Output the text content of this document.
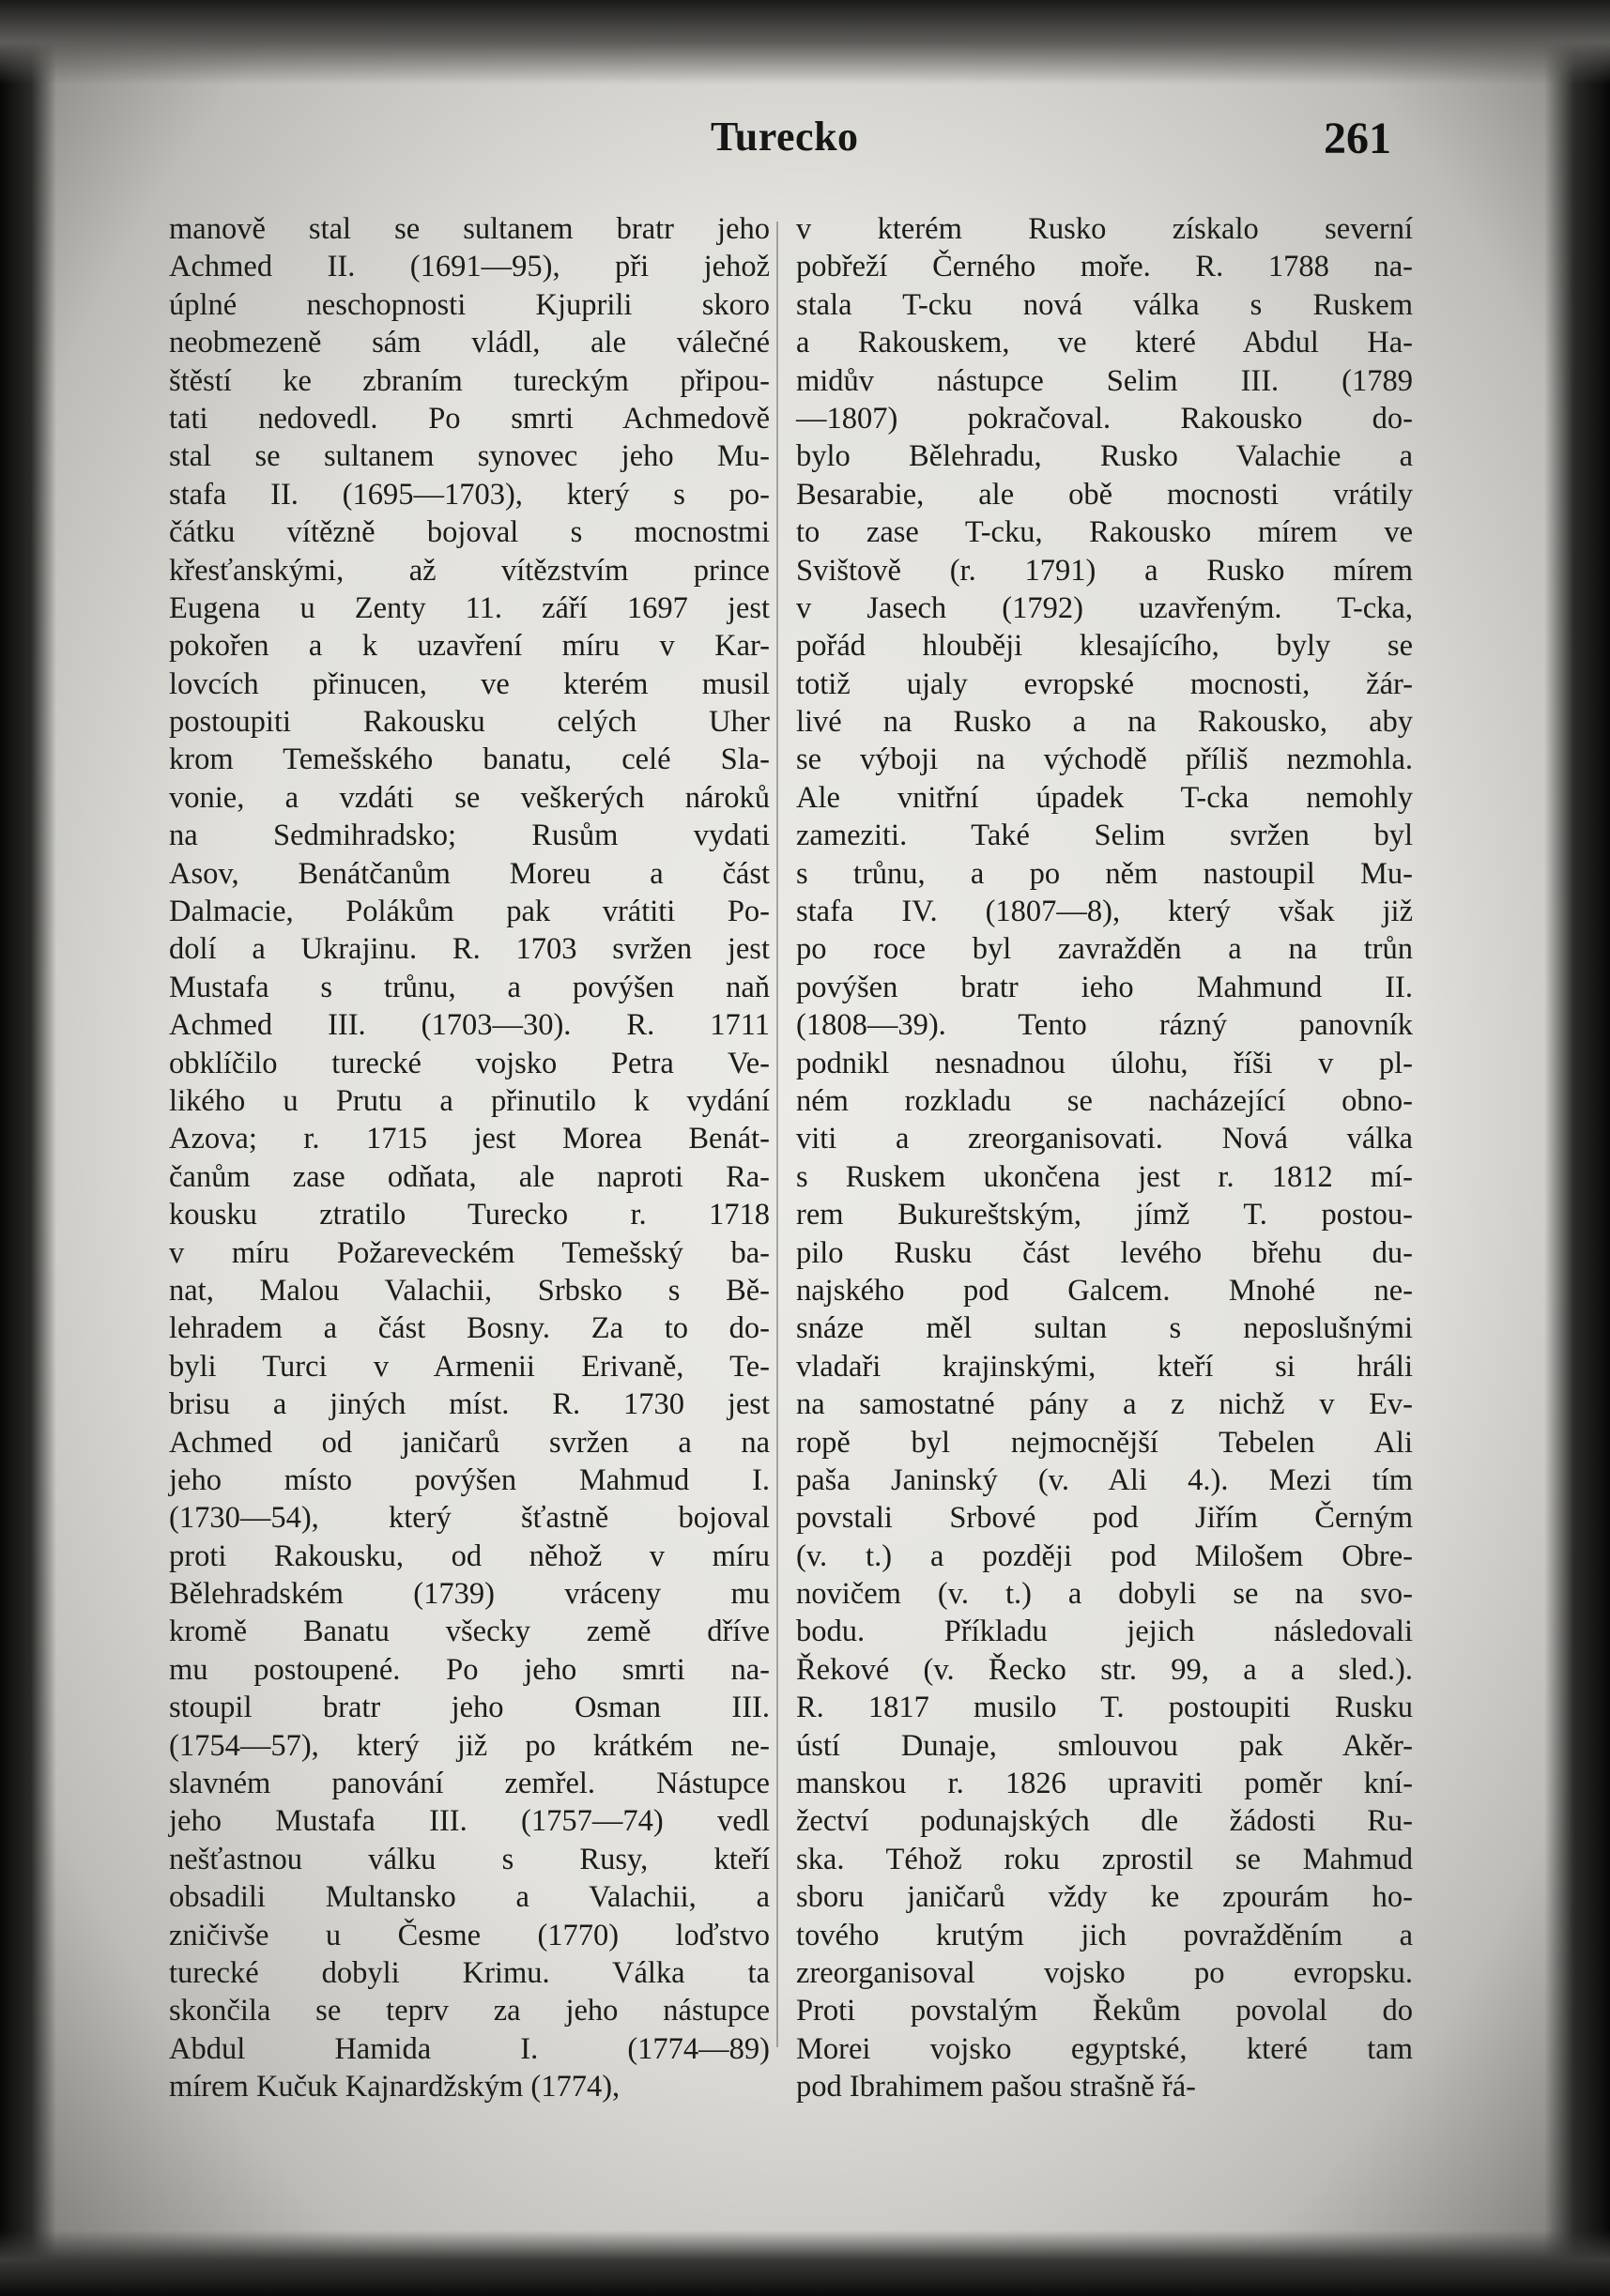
Turecko	261
manově stal se sultanem bratr jeho
Achmed II. (1691—95), při jehož
úplné neschopnosti Kjuprili skoro
neobmezeně sám vládl, ale válečné
štěstí ke zbraním tureckým připou-
tati nedovedl. Po smrti Achmedově
stal se sultanem synovec jeho Mu-
stafa II. (1695—1703), který s po-
čátku vítězně bojoval s mocnostmi
křesťanskými, až vítězstvím prince
Eugena u Zenty 11. září 1697 jest
pokořen a k uzavření míru v Kar-
lovcích přinucen, ve kterém musil
postoupiti Rakousku celých Uher
krom Temešského banatu, celé Sla-
vonie, a vzdáti se veškerých nároků
na Sedmihradsko; Rusům vydati
Asov, Benátčanům Moreu a část
Dalmacie, Polákům pak vrátiti Po-
dolí a Ukrajinu. R. 1703 svržen jest
Mustafa s trůnu, a povýšen naň
Achmed III. (1703—30). R. 1711
obklíčilo turecké vojsko Petra Ve-
likého u Prutu a přinutilo k vydání
Azova; r. 1715 jest Morea Benát-
čanům zase odňata, ale naproti Ra-
kousku ztratilo Turecko r. 1718
v míru Požareveckém Temešský ba-
nat, Malou Valachii, Srbsko s Bě-
lehradem a část Bosny. Za to do-
byli Turci v Armenii Erivaně, Te-
brisu a jiných míst. R. 1730 jest
Achmed od janičarů svržen a na
jeho místo povýšen Mahmud I.
(1730—54), který šťastně bojoval
proti Rakousku, od něhož v míru
Bělehradském (1739) vráceny mu
kromě Banatu všecky země dříve
mu postoupené. Po jeho smrti na-
stoupil bratr jeho Osman III.
(1754—57), který již po krátkém ne-
slavném panování zemřel. Nástupce
jeho Mustafa III. (1757—74) vedl
nešťastnou válku s Rusy, kteří
obsadili Multansko a Valachii, a
zničivše u Česme (1770) loďstvo
turecké dobyli Krimu. Válka ta
skončila se teprv za jeho nástupce
Abdul Hamida I. (1774—89)
mírem Kučuk Kajnardžským (1774),
v kterém Rusko získalo severní
pobřeží Černého moře. R. 1788 na-
stala T-cku nová válka s Ruskem
a Rakouskem, ve které Abdul Ha-
midův nástupce Selim III. (1789
—1807) pokračoval. Rakousko do-
bylo Bělehradu, Rusko Valachie a
Besarabie, ale obě mocnosti vrátily
to zase T-cku, Rakousko mírem ve
Svištově (r. 1791) a Rusko mírem
v Jasech (1792) uzavřeným. T-cka,
pořád hlouběji klesajícího, byly se
totiž ujaly evropské mocnosti, žár-
livé na Rusko a na Rakousko, aby
se výboji na východě příliš nezmohla.
Ale vnitřní úpadek T-cka nemohly
zameziti. Také Selim svržen byl
s trůnu, a po něm nastoupil Mu-
stafa IV. (1807—8), který však již
po roce byl zavražděn a na trůn
povýšen bratr ieho Mahmund II.
(1808—39). Tento rázný panovník
podnikl nesnadnou úlohu, říši v pl-
ném rozkladu se nacházející obno-
viti a zreorganisovati. Nová válka
s Ruskem ukončena jest r. 1812 mí-
rem Bukureštským, jímž T. postou-
pilo Rusku část levého břehu du-
najského pod Galcem. Mnohé ne-
snáze měl sultan s neposlušnými
vladaři krajinskými, kteří si hráli
na samostatné pány a z nichž v Ev-
ropě byl nejmocnější Tebelen Ali
paša Janinský (v. Ali 4.). Mezi tím
povstali Srbové pod Jiřím Černým
(v. t.) a později pod Milošem Obre-
novičem (v. t.) a dobyli se na svo-
bodu. Příkladu jejich následovali
Řekové (v. Řecko str. 99, a a sled.).
R. 1817 musilo T. postoupiti Rusku
ústí Dunaje, smlouvou pak Akěr-
manskou r. 1826 upraviti poměr kní-
žectví podunajských dle žádosti Ru-
ska. Téhož roku zprostil se Mahmud
sboru janičarů vždy ke zpourám ho-
tového krutým jich povražděním a
zreorganisoval vojsko po evropsku.
Proti povstalým Řekům povolal do
Morei vojsko egyptské, které tam
pod Ibrahimem pašou strašně řá-
